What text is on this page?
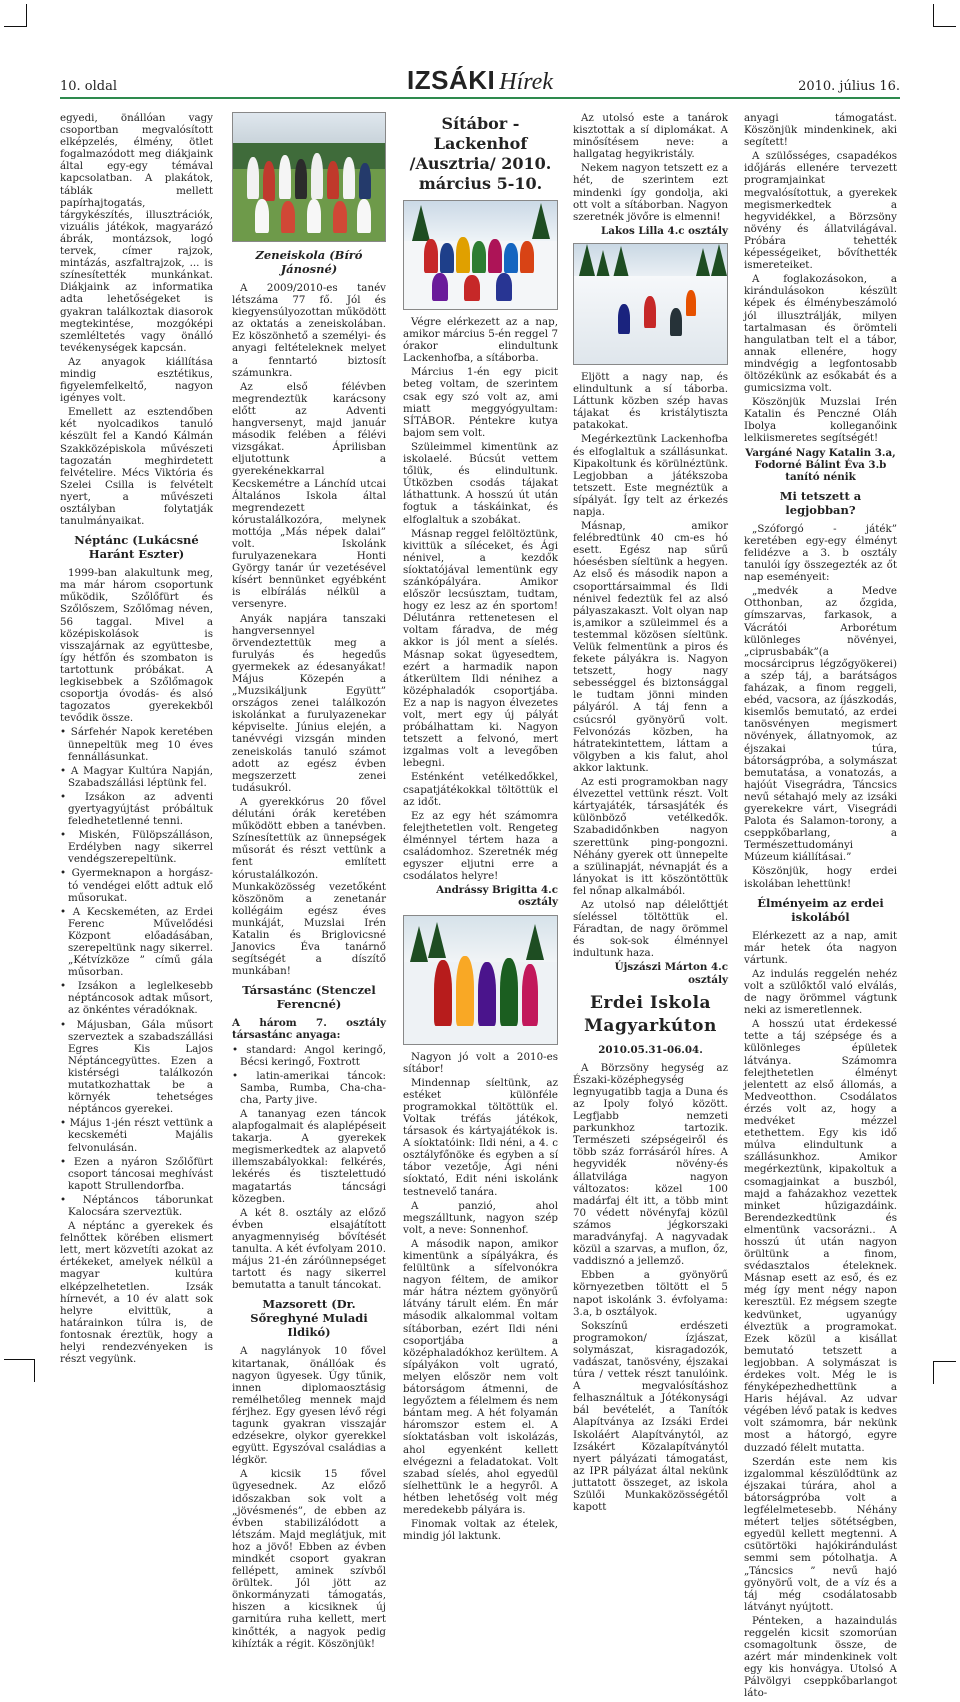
10. oldal	IZSÁKI Hírek	2010. július 16.

egyedi, önállóan vagy csoportban megvalósított elképzelés, élmény, ötlet fogalmazódott meg diákjaink által egy-egy témával kapcsolatban. A plakátok, táblák mellett papírhajtogatás, tárgykészítés, illusztrációk, vizuális játékok, magyarázó ábrák, montázsok, logó tervek, címer rajzok, mintázás, aszfaltrajzok, ... is színesítették munkánkat. Diákjaink az informatika adta lehetőségeket is gyakran találkoztak diasorok megtekintése, mozgóképi szemléltetés vagy önálló tevékenységek kapcsán.

Az anyagok kiállítása mindig esztétikus, figyelemfelkeltő, nagyon igényes volt.

Emellett az esztendőben két nyolcadikos tanuló készült fel a Kandó Kálmán Szakközépiskola művészeti tagozatán meghirdetett felvételire. Mécs Viktória és Szelei Csilla is felvételt nyert, a művészeti osztályban folytatják tanulmányaikat.

Néptánc (Lukácsné Haránt Eszter)

1999-ban alakultunk meg, ma már három csoportunk működik, Szőlőfürt és Szőlőszem, Szőlőmag néven, 56 taggal. Mivel a középiskolások is visszajárnak az együttesbe, így hétfőn és szombaton is tartottunk próbákat. A legkisebbek a Szőlőmagok csoportja óvodás- és alsó tagozatos gyerekekből tevődik össze.

• Sárfehér Napok keretében ünnepeltük meg 10 éves fennállásunkat.
• A Magyar Kultúra Napján, Szabadszállási léptünk fel.
• Izsákon az adventi gyertyagyújtást próbáltuk feledhetetlenné tenni.
• Miskén, Fülöpszálláson, Erdélyben nagy sikerrel vendégszerepeltünk.
• Gyermeknapon a horgász-tó vendégei előtt adtuk elő műsorukat.
• A Kecskeméten, az Erdei Ferenc Művelődési Központ előadásában, szerepeltünk nagy sikerrel. „Kétvízköze ” című gála műsorban.
• Izsákon a leglelkesebb néptáncosok adtak műsort, az önkéntes véradóknak.
• Májusban, Gála műsort szerveztek a szabadszállási Egres Kis Lajos Néptáncegyüttes. Ezen a kistérségi találkozón mutatkozhattak be a környék tehetséges néptáncos gyerekei.
• Május 1-jén részt vettünk a kecskeméti Majális felvonulásán.
• Ezen a nyáron Szőlőfürt csoport táncosai meghívást kapott Strullendorfba.
• Néptáncos táborunkat Kalocsára szerveztük.

A néptánc a gyerekek és felnőttek körében elismert lett, mert közvetíti azokat az értékeket, amelyek nélkül a magyar kultúra elképzelhetetlen. Izsák hírnevét, a 10 év alatt sok helyre elvittük, a határainkon túlra is, de fontosnak éreztük, hogy a helyi rendezvényeken is részt vegyünk.

Zeneiskola (Bíró Jánosné)

A 2009/2010-es tanév létszáma 77 fő. Jól és kiegyensúlyozottan működött az oktatás a zeneiskolában. Ez köszönhető a személyi- és anyagi feltételeknek melyet a fenntartó biztosít számunkra.

Az első félévben megrendeztük karácsony előtt az Adventi hangversenyt, majd január második felében a félévi vizsgákat. Áprilisban eljutottunk a gyerekénekkarral Kecskemétre a Lánchíd utcai Általános Iskola által megrendezett kórustalálkozóra, melynek mottója „Más népek dalai” volt. Iskolánk furulyazenekara Honti György tanár úr vezetésével kísért bennünket egyébként is elbírálás nélkül a versenyre.

Anyák napjára tanszaki hangversennyel örvendeztettük meg a furulyás és hegedűs gyermekek az édesanyákat! Május Közepén a „Muzsikáljunk Együtt” országos zenei találkozón iskolánkat a furulyazenekar képviselte. Június elején, a tanévvégi vizsgán minden zeneiskolás tanuló számot adott az egész évben megszerzett zenei tudásukról.

A gyerekkórus 20 fővel délutáni órák keretében működött ebben a tanévben. Színesítettük az ünnepségek műsorát és részt vettünk a fent említett kórustalálkozón. Munkaközösség vezetőként köszönöm a zenetanár kollégáim egész éves munkáját, Muzslai Irén Katalin és Briglovicsné Janovics Éva tanárnő segítségét a díszítő munkában!

Társastánc (Stenczel Ferencné)

A három 7. osztály társastánc anyaga:

• standard: Angol keringő, Bécsi keringő, Foxtrott
• latin-amerikai táncok: Samba, Rumba, Cha-cha-cha, Party jive.

A tananyag ezen táncok alapfogalmait és alaplépéseit takarja. A gyerekek megismerkedtek az alapvető illemszabályokkal: felkérés, lekérés és tisztelettudó magatartás táncsági közegben.

A két 8. osztály az előző évben elsajátított anyagmennyiség bővítését tanulta. A két évfolyam 2010. május 21-én záróünnepséget tartott és nagy sikerrel bemutatta a tanult táncokat.

Mazsorett (Dr. Sőreghyné Muladi Ildikó)

A nagylányok 10 fővel kitartanak, önállóak és nagyon ügyesek. Úgy tűnik, innen diplomaosztásig remélhetőleg mennek majd férjhez. Egy gyesen lévő régi tagunk gyakran visszajár edzésekre, olykor gyerekkel együtt. Egyszóval családias a légkör.

A kicsik 15 fővel ügyesednek. Az előző időszakban sok volt a „jövésmenés”, de ebben az évben stabilizálódott a létszám. Majd meglátjuk, mit hoz a jövő! Ebben az évben mindkét csoport gyakran fellépett, aminek szívből örültek. Jól jött az önkormányzati támogatás, hiszen a kicsiknek új garnitúra ruha kellett, mert kinőtték, a nagyok pedig kihízták a régit. Köszönjük!

Sítábor - Lackenhof /Ausztria/ 2010. március 5-10.

Végre elérkezett az a nap, amikor március 5-én reggel 7 órakor elindultunk Lackenhofba, a sítáborba.

Március 1-én egy picit beteg voltam, de szerintem csak egy szó volt az, ami miatt meggyógyultam: SÍTÁBOR. Péntekre kutya bajom sem volt.

Szüleimmel kimentünk az iskolaelé. Búcsút vettem tőlük, és elindultunk. Útközben csodás tájakat láthattunk. A hosszú út után fogtuk a táskáinkat, és elfoglaltuk a szobákat.

Másnap reggel felöltöztünk, kivittük a síléceket, és Ági nénivel, a kezdők síoktatójával lementünk egy szánkópályára. Amikor először lecsúsztam, tudtam, hogy ez lesz az én sportom! Délutánra rettenetesen el voltam fáradva, de még akkor is jól ment a síelés. Másnap sokat ügyesedtem, ezért a harmadik napon átkerültem Ildi nénihez a középhaladók csoportjába. Ez a nap is nagyon élvezetes volt, mert egy új pályát próbálhattam ki. Nagyon tetszett a felvonó, mert izgalmas volt a levegőben lebegni.

Esténként vetélkedőkkel, csapatjátékokkal töltöttük el az időt.

Ez az egy hét számomra felejthetetlen volt. Rengeteg élménnyel tértem haza a családomhoz. Szeretnék még egyszer eljutni erre a csodálatos helyre!

Andrássy Brigitta 4.c osztály

Nagyon jó volt a 2010-es sítábor!

Mindennap síeltünk, az estéket különféle programokkal töltöttük el. Voltak tréfás játékok, társasok és kártyajátékok is. A síoktatóink: Ildi néni, a 4. c osztályfőnöke és egyben a sí tábor vezetője, Ági néni síoktató, Edit néni iskolánk testnevelő tanára.

A panzió, ahol megszálltunk, nagyon szép volt, a neve: Sonnenhof.

A második napon, amikor kimentünk a sípályákra, és felültünk a sífelvonókra nagyon féltem, de amikor már hátra néztem gyönyörű látvány tárult elém. Én már második alkalommal voltam sítáborban, ezért Ildi néni csoportjába a középhaladókhoz kerültem. A sípályákon volt ugrató, melyen először nem volt bátorságom átmenni, de legyőztem a félelmem és nem bántam meg. A hét folyamán háromszor estem el. A síoktatásban volt iskolázás, ahol egyenként kellett elvégezni a feladatokat. Volt szabad síelés, ahol egyedül síelhettünk le a hegyről. A hétben lehetőség volt még meredekebb pályára is.

Finomak voltak az ételek, mindig jól laktunk.

Az utolsó este a tanárok kisztottak a sí diplomákat. A minősítésem neve: a hallgatag hegyikristály.

Nekem nagyon tetszett ez a hét, de szerintem ezt mindenki így gondolja, aki ott volt a sítáborban. Nagyon szeretnék jövőre is elmenni!

Lakos Lilla 4.c osztály

Eljött a nagy nap, és elindultunk a sí táborba. Láttunk közben szép havas tájakat és kristálytiszta patakokat.

Megérkeztünk Lackenhofba és elfoglaltuk a szállásunkat. Kipakoltunk és körülnéztünk. Legjobban a játékszoba tetszett. Este megnéztük a sípályát. Így telt az érkezés napja.

Másnap, amikor felébredtünk 40 cm-es hó esett. Egész nap sűrű hóesésben síeltünk a hegyen. Az első és második napon a csoporttársaimmal és Ildi nénivel fedeztük fel az alsó pályaszakaszt. Volt olyan nap is,amikor a szüleimmel és a testemmal közösen síeltünk. Velük felmentünk a piros és fekete pályákra is. Nagyon tetszett, hogy nagy sebességgel és biztonsággal le tudtam jönni minden pályáról. A táj fenn a csúcsról gyönyörű volt. Felvonózás közben, ha hátratekintettem, láttam a völgyben a kis falut, ahol akkor laktunk.

Az esti programokban nagy élvezettel vettünk részt. Volt kártyajáték, társasjáték és különböző vetélkedők. Szabadidőnkben nagyon szerettünk ping-pongozni. Néhány gyerek ott ünnepelte a szülinapját, névnapját és a lányokat is itt köszöntöttük fel nőnap alkalmából.

Az utolsó nap délelőttjét síeléssel töltöttük el. Fáradtan, de nagy örömmel és sok-sok élménnyel indultunk haza.

Újszászi Márton 4.c osztály
Erdei Iskola Magyarkúton
2010.05.31-06.04.

A Börzsöny hegység az Északi-középhegység legnyugatibb tagja a Duna és az Ipoly folyó között. Legfjabb nemzeti parkunkhoz tartozik. Természeti szépségeiről és több száz forrásáról híres. A hegyvidék növény-és állatvilága nagyon változatos: közel 100 madárfaj élt itt, a több mint 70 védett növényfaj közül számos jégkorszaki maradványfaj. A nagyvadak közül a szarvas, a muflon, őz, vaddisznó a jellemző.

Ebben a gyönyörű környezetben töltött el 5 napot iskolánk 3. évfolyama: 3.a, b osztályok.

Sokszínű erdészeti programokon/ ízjászat, solymászat, kisragadozók, vadászat, tanösvény, éjszakai túra / vettek részt tanulóink. A megvalósításhoz felhasználtuk a Jótékonysági bál bevételét, a Tanítók Alapítványa az Izsáki Erdei Iskoláért Alapítványtól, az Izsákért Közalapítványtól nyert pályázati támogatást, az IPR pályázat által nekünk juttatott összeget, az iskola Szülői Munkaközösségétől kapott

anyagi támogatást. Köszönjük mindenkinek, aki segített!

A szülősséges, csapadékos időjárás ellenére tervezett programjainkat megvalósítottuk, a gyerekek megismerkedtek a hegyvidékkel, a Börzsöny növény és állatvilágával. Próbára tehették képességeiket, bővíthették ismereteiket.

A foglakozásokon, a kirándulásokon készült képek és élménybeszámoló jól illusztrálják, milyen tartalmasan és örömteli hangulatban telt el a tábor, annak ellenére, hogy mindvégig a legfontosabb öltözékünk az esőkabát és a gumicsizma volt.

Köszönjük Muzslai Irén Katalin és Penczné Oláh Ibolya kolleganőink lelkiismeretes segítségét!

Vargáné Nagy Katalin 3.a, Fodorné Bálint Éva 3.b tanító nénik
Mi tetszett a legjobban?

„Szóforgó - játék” keretében egy-egy élményt felidézve a 3. b osztály tanulói így összegezték az őt nap eseményeit:

„medvék a Medve Otthonban, az őzgida, gímszarvas, farkasok, a Vácrátói Arborétum különleges növényei, „ciprusbabák”(a mocsárciprus légzőgyökerei) a szép táj, a barátságos faházak, a finom reggeli, ebéd, vacsora, az íjászkodás, kisemlős bemutató, az erdei tanösvényen megismert növények, állatnyomok, az éjszakai túra, bátorságpróba, a solymászat bemutatása, a vonatozás, a hajóút Visegrádra, Táncsics nevű sétahajó mely az izsáki gyerekekre várt, Visegrádi Palota és Salamon-torony, a cseppkőbarlang, a Természettudományi Múzeum kiállításai.”

Köszönjük, hogy erdei iskolában lehettünk!

Élményeim az erdei iskolából

Elérkezett az a nap, amit már hetek óta nagyon vártunk.

Az indulás reggelén nehéz volt a szülőktől való elválás, de nagy örömmel vágtunk neki az ismeretlennek.

A hosszú utat érdekessé tette a táj szépsége és a különleges épületek látványa. Számomra felejthetetlen élményt jelentett az első állomás, a Medveotthon. Csodálatos érzés volt az, hogy a medvéket mézzel etethettem. Egy kis idő múlva elindultunk a szállásunkhoz. Amikor megérkeztünk, kipakoltuk a csomagjainkat a buszból, majd a faházakhoz vezettek minket hűzigazdáink. Berendezkedtünk és elmentünk vacsorázni.. A hosszú út után nagyon örültünk a finom, svédasztalos ételeknek. Másnap esett az eső, és ez még így ment négy napon keresztül. Ez mégsem szegte kedvünket, ugyanúgy élveztük a programokat. Ezek közül a kisállat bemutató tetszett a legjobban. A solymászat is érdekes volt. Még le is fényképezhedhettünk a Haris héjával. Az udvar végében lévő patak is kedves volt számomra, bár nekünk most a hátorgó, egyre duzzadó félelt mutatta.

Szerdán este nem kis izgalommal készülődtünk az éjszakai túrára, ahol a bátorságpróba volt a legfélelmetesebb. Néhány métert teljes sötétségben, egyedül kellett megtenni. A csütörtöki hajókirándulást semmi sem pótolhatja. A „Táncsics ” nevű hajó gyönyörű volt, de a víz és a táj még csodálatosabb látványt nyújtott.

Pénteken, a hazaindulás reggelén kicsit szomorúan csomagoltunk össze, de azért már mindenkinek volt egy kis honvágya. Utolsó A Pálvölgyi cseppkőbarlangot láto-
